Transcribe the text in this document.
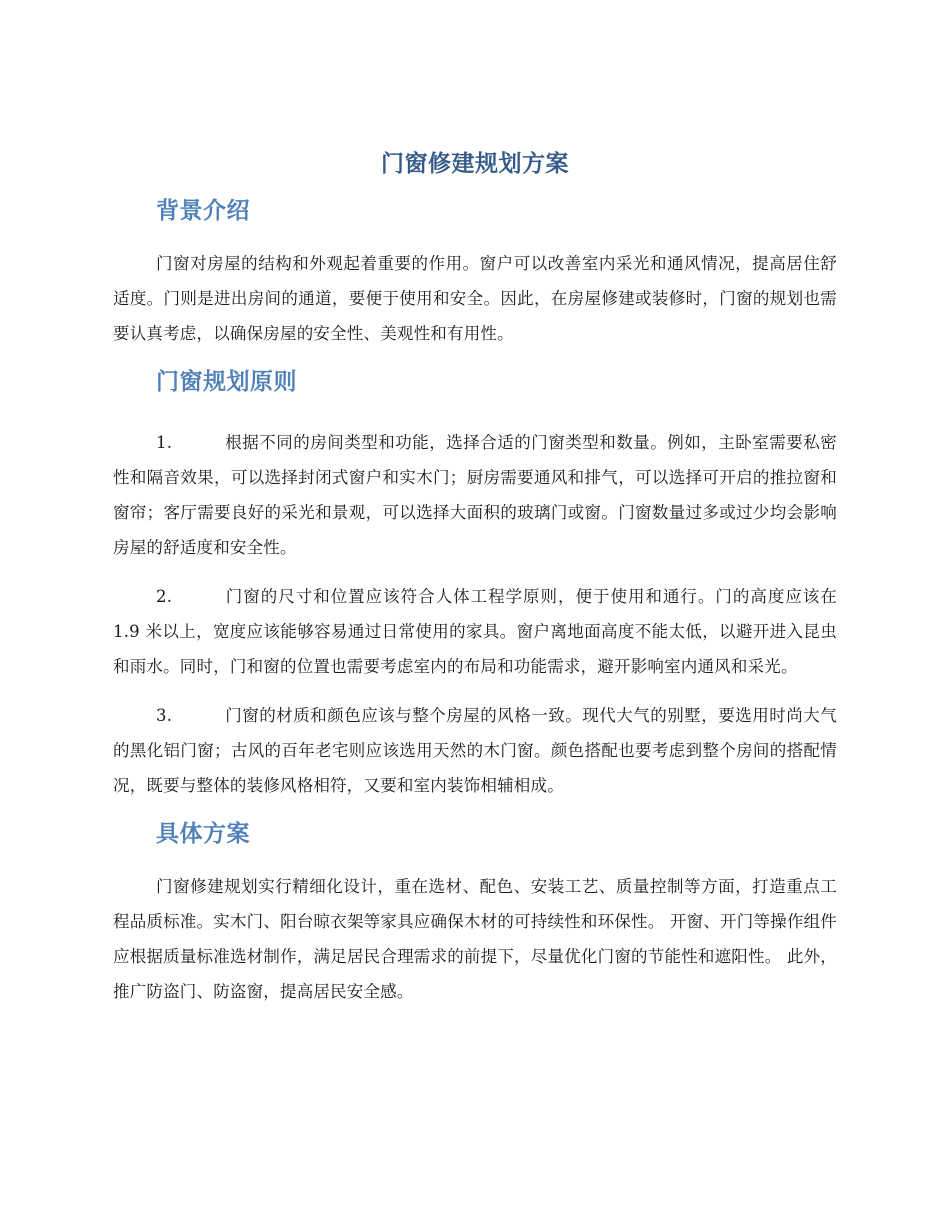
门窗修建规划方案
背景介绍

门窗对房屋的结构和外观起着重要的作用。窗户可以改善室内采光和通风情况，提高居住舒适度。门则是进出房间的通道，要便于使用和安全。因此，在房屋修建或装修时，门窗的规划也需要认真考虑，以确保房屋的安全性、美观性和有用性。

门窗规划原则

1.	根据不同的房间类型和功能，选择合适的门窗类型和数量。例如，主卧室需要私密性和隔音效果，可以选择封闭式窗户和实木门；厨房需要通风和排气，可以选择可开启的推拉窗和窗帘；客厅需要良好的采光和景观，可以选择大面积的玻璃门或窗。门窗数量过多或过少均会影响房屋的舒适度和安全性。

2.	门窗的尺寸和位置应该符合人体工程学原则，便于使用和通行。门的高度应该在 1.9 米以上，宽度应该能够容易通过日常使用的家具。窗户离地面高度不能太低，以避开进入昆虫和雨水。同时，门和窗的位置也需要考虑室内的布局和功能需求，避开影响室内通风和采光。

3.	门窗的材质和颜色应该与整个房屋的风格一致。现代大气的别墅，要选用时尚大气的黑化铝门窗；古风的百年老宅则应该选用天然的木门窗。颜色搭配也要考虑到整个房间的搭配情况，既要与整体的装修风格相符，又要和室内装饰相辅相成。

具体方案

门窗修建规划实行精细化设计，重在选材、配色、安装工艺、质量控制等方面，打造重点工程品质标准。实木门、阳台晾衣架等家具应确保木材的可持续性和环保性。 开窗、开门等操作组件应根据质量标准选材制作，满足居民合理需求的前提下，尽量优化门窗的节能性和遮阳性。 此外，推广防盗门、防盗窗，提高居民安全感。
